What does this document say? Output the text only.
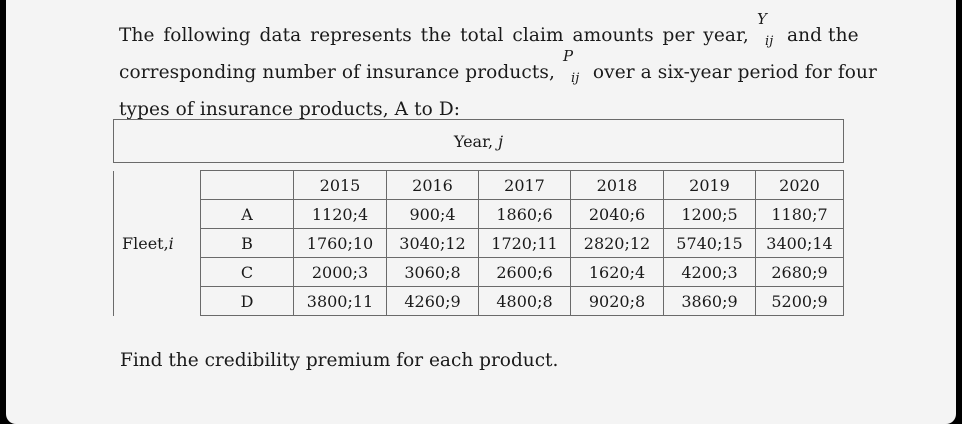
The following data represents the total claim amounts per year,

Y
ij and the
corresponding number of insurance products,
P
ij over a six-year period for four
types of insurance products, A to D:
Year, j							

Fleet,i		2015	2016	2017	2018	2019	2020
	A	1120;4	900;4	1860;6	2040;6	1200;5	1180;7
	B	1760;10	3040;12	1720;11	2820;12	5740;15	3400;14
	C	2000;3	3060;8	2600;6	1620;4	4200;3	2680;9
	D	3800;11	4260;9	4800;8	9020;8	3860;9	5200;9
Find the credibility premium for each product.
